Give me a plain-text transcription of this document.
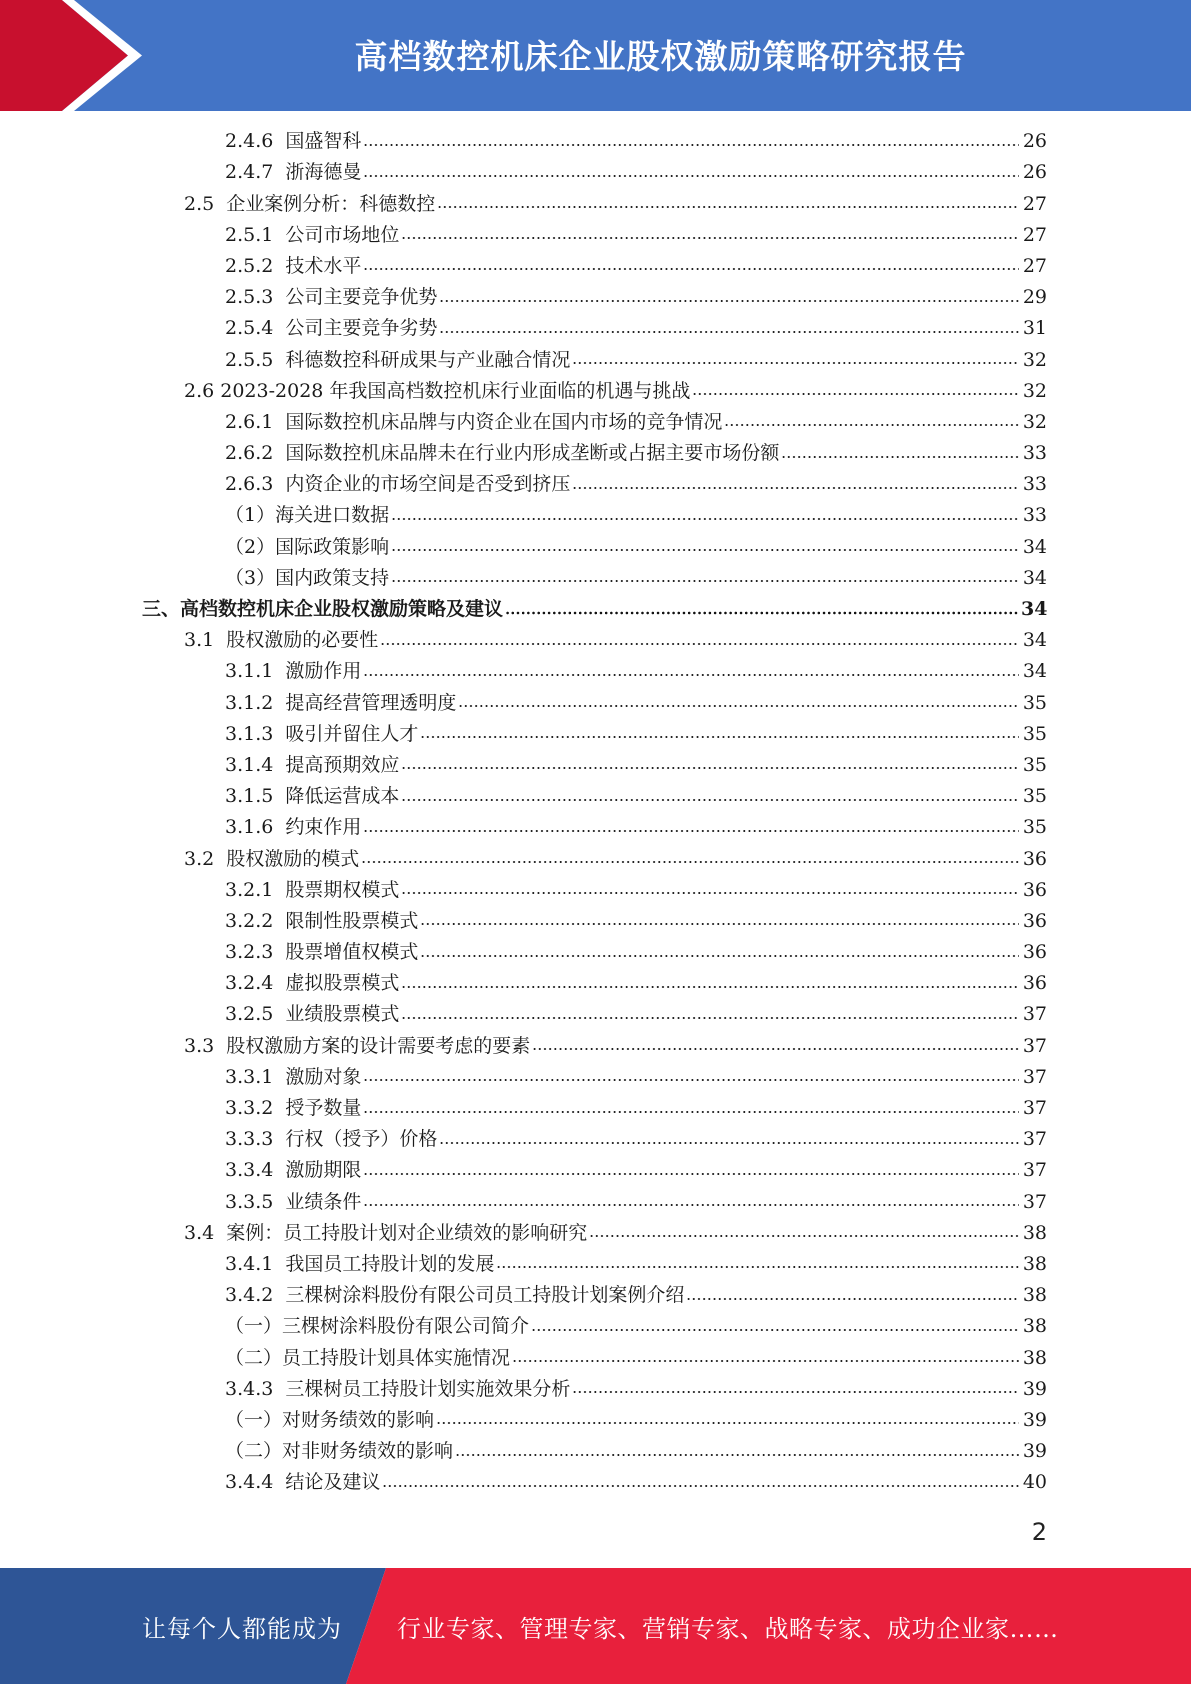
高档数控机床企业股权激励策略研究报告
2.4.6  国盛智科	26
2.4.7  浙海德曼	26
2.5  企业案例分析：科德数控	27
2.5.1  公司市场地位	27
2.5.2  技术水平	27
2.5.3  公司主要竞争优势	29
2.5.4  公司主要竞争劣势	31
2.5.5  科德数控科研成果与产业融合情况	32
2.6 2023-2028 年我国高档数控机床行业面临的机遇与挑战	32
2.6.1  国际数控机床品牌与内资企业在国内市场的竞争情况	32
2.6.2  国际数控机床品牌未在行业内形成垄断或占据主要市场份额	33
2.6.3  内资企业的市场空间是否受到挤压	33
（1）海关进口数据	33
（2）国际政策影响	34
（3）国内政策支持	34
三、高档数控机床企业股权激励策略及建议	34
3.1  股权激励的必要性	34
3.1.1  激励作用	34
3.1.2  提高经营管理透明度	35
3.1.3  吸引并留住人才	35
3.1.4  提高预期效应	35
3.1.5  降低运营成本	35
3.1.6  约束作用	35
3.2  股权激励的模式	36
3.2.1  股票期权模式	36
3.2.2  限制性股票模式	36
3.2.3  股票增值权模式	36
3.2.4  虚拟股票模式	36
3.2.5  业绩股票模式	37
3.3  股权激励方案的设计需要考虑的要素	37
3.3.1  激励对象	37
3.3.2  授予数量	37
3.3.3  行权（授予）价格	37
3.3.4  激励期限	37
3.3.5  业绩条件	37
3.4  案例：员工持股计划对企业绩效的影响研究	38
3.4.1  我国员工持股计划的发展	38
3.4.2  三棵树涂料股份有限公司员工持股计划案例介绍	38
（一）三棵树涂料股份有限公司简介	38
（二）员工持股计划具体实施情况	38
3.4.3  三棵树员工持股计划实施效果分析	39
（一）对财务绩效的影响	39
（二）对非财务绩效的影响	39
3.4.4  结论及建议	40
2
让每个人都能成为 行业专家、管理专家、营销专家、战略专家、成功企业家……
